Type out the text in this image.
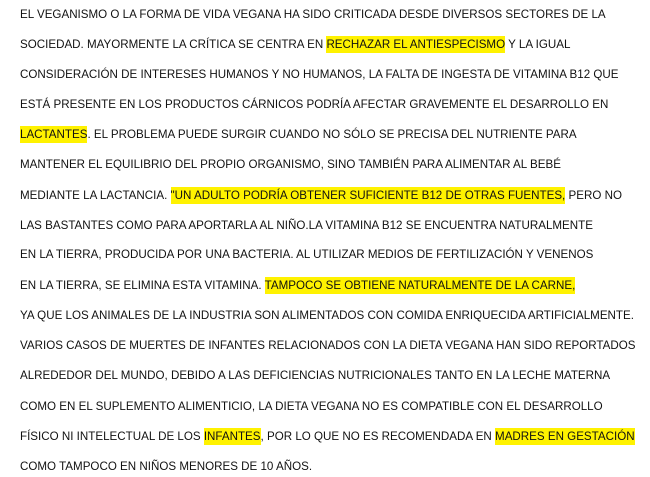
EL VEGANISMO O LA FORMA DE VIDA VEGANA HA SIDO CRITICADA DESDE DIVERSOS SECTORES DE LA
SOCIEDAD. MAYORMENTE LA CRÍTICA SE CENTRA EN RECHAZAR EL ANTIESPECISMO Y LA IGUAL
CONSIDERACIÓN DE INTERESES HUMANOS Y NO HUMANOS, LA FALTA DE INGESTA DE VITAMINA B12 QUE
ESTÁ PRESENTE EN LOS PRODUCTOS CÁRNICOS PODRÍA AFECTAR GRAVEMENTE EL DESARROLLO EN
LACTANTES. EL PROBLEMA PUEDE SURGIR CUANDO NO SÓLO SE PRECISA DEL NUTRIENTE PARA
MANTENER EL EQUILIBRIO DEL PROPIO ORGANISMO, SINO TAMBIÉN PARA ALIMENTAR AL BEBÉ
MEDIANTE LA LACTANCIA. "UN ADULTO PODRÍA OBTENER SUFICIENTE B12 DE OTRAS FUENTES, PERO NO
LAS BASTANTES COMO PARA APORTARLA AL NIÑO.LA VITAMINA B12 SE ENCUENTRA NATURALMENTE
EN LA TIERRA, PRODUCIDA POR UNA BACTERIA. AL UTILIZAR MEDIOS DE FERTILIZACIÓN Y VENENOS
EN LA TIERRA, SE ELIMINA ESTA VITAMINA. TAMPOCO SE OBTIENE NATURALMENTE DE LA CARNE,
YA QUE LOS ANIMALES DE LA INDUSTRIA SON ALIMENTADOS CON COMIDA ENRIQUECIDA ARTIFICIALMENTE.
VARIOS CASOS DE MUERTES DE INFANTES RELACIONADOS CON LA DIETA VEGANA HAN SIDO REPORTADOS
ALREDEDOR DEL MUNDO, DEBIDO A LAS DEFICIENCIAS NUTRICIONALES TANTO EN LA LECHE MATERNA
COMO EN EL SUPLEMENTO ALIMENTICIO, LA DIETA VEGANA NO ES COMPATIBLE CON EL DESARROLLO
FÍSICO NI INTELECTUAL DE LOS INFANTES, POR LO QUE NO ES RECOMENDADA EN MADRES EN GESTACIÓN
COMO TAMPOCO EN NIÑOS MENORES DE 10 AÑOS.
